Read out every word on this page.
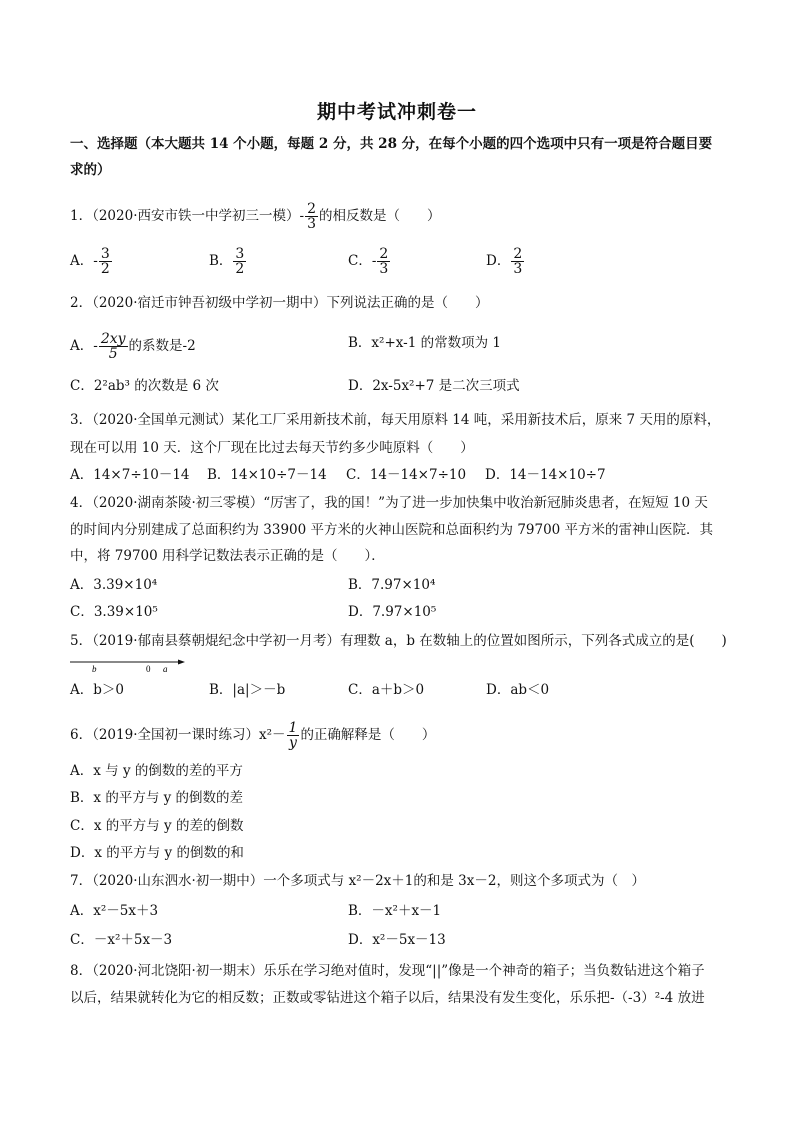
期中考试冲刺卷一
一、选择题（本大题共 14 个小题，每题 2 分，共 28 分，在每个小题的四个选项中只有一项是符合题目要
求的）
1．（2020·西安市铁一中学初三一模）- $\frac{2}{3}$ 的相反数是（　　）
A．- $\frac{3}{2}$	B． $\frac{3}{2}$	C．- $\frac{2}{3}$	D． $\frac{2}{3}$
2．（2020·宿迁市钟吾初级中学初一期中）下列说法正确的是（　　）
A．- $\frac{2xy}{5}$ 的系数是-2	B．x²+x-1 的常数项为 1
C．2²ab³ 的次数是 6 次	D．2x-5x²+7 是二次三项式
3．（2020·全国单元测试）某化工厂采用新技术前，每天用原料 14 吨，采用新技术后，原来 7 天用的原料，
现在可以用 10 天．这个厂现在比过去每天节约多少吨原料（　　）
A．14×7÷10－14 B．14×10÷7－14 C．14－14×7÷10 D．14－14×10÷7
4．（2020·湖南茶陵·初三零模）“厉害了，我的国！”为了进一步加快集中收治新冠肺炎患者，在短短 10 天
的时间内分别建成了总面积约为 33900 平方米的火神山医院和总面积约为 79700 平方米的雷神山医院．其
中，将 79700 用科学记数法表示正确的是（　　）．
A．3.39×10⁴	B．7.97×10⁴
C．3.39×10⁵	D．7.97×10⁵
5．（2019·郁南县蔡朝焜纪念中学初一月考）有理数 a，b 在数轴上的位置如图所示，下列各式成立的是(　　)
b	0 a
A．b＞0	B．|a|＞－b	C．a＋b＞0	D．ab＜0
6．（2019·全国初一课时练习）$x^2- \frac{1}{y}$ 的正确解释是（　　）
A．x 与 y 的倒数的差的平方
B．x 的平方与 y 的倒数的差
C．x 的平方与 y 的差的倒数
D．x 的平方与 y 的倒数的和
7．（2020·山东泗水·初一期中）一个多项式与 x²－2x＋1的和是 3x－2，则这个多项式为（　）
A．x²－5x＋3	B．－x²＋x－1
C．－x²＋5x－3	D．x²－5x－13
8．（2020·河北饶阳·初一期末）乐乐在学习绝对值时，发现“||”像是一个神奇的箱子；当负数钻进这个箱子
以后，结果就转化为它的相反数；正数或零钻进这个箱子以后，结果没有发生变化，乐乐把-（-3）²-4 放进
